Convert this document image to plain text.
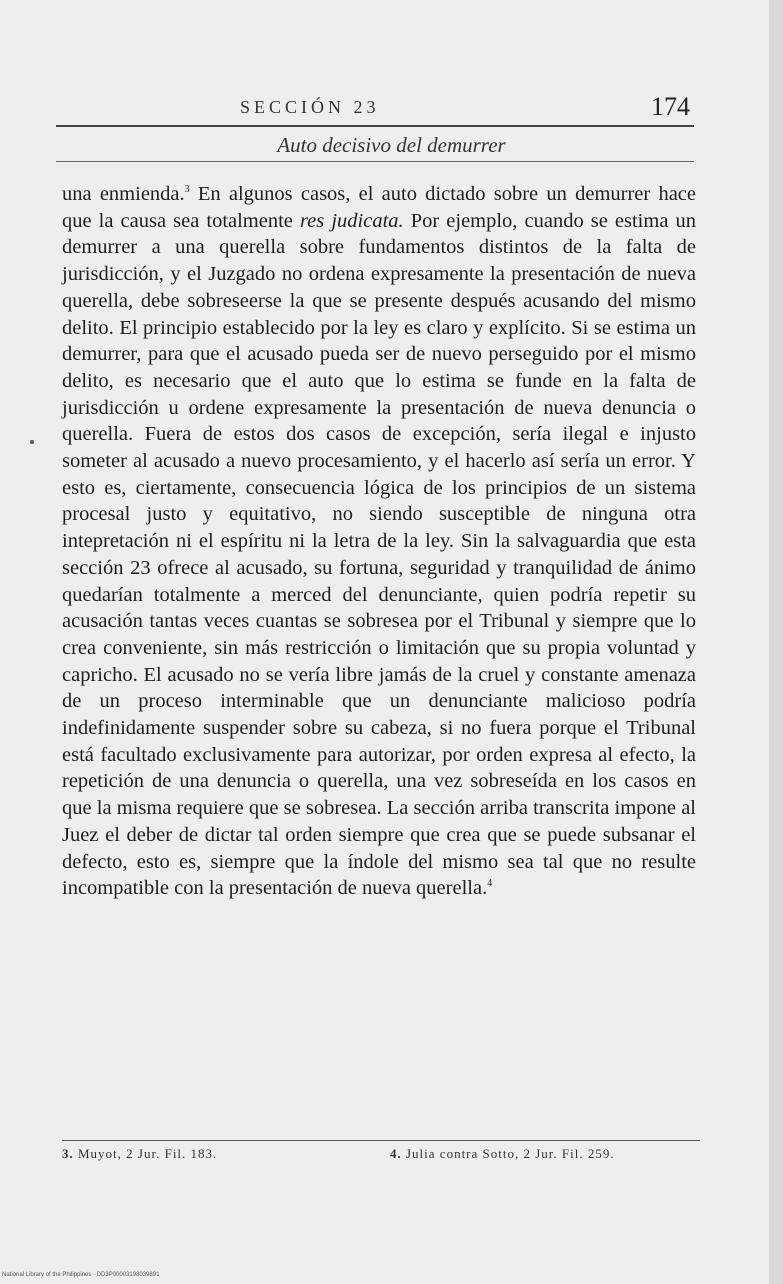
SECCIÓN 23	174
Auto decisivo del demurrer

una enmienda.$^3$ En algunos casos, el auto dictado sobre un demurrer hace que la causa sea totalmente res judicata. Por ejemplo, cuando se estima un demurrer a una querella sobre fundamentos distintos de la falta de jurisdicción, y el Juzgado no ordena expresamente la presentación de nueva querella, debe sobreseerse la que se presente después acusando del mismo delito. El principio establecido por la ley es claro y explícito. Si se estima un demurrer, para que el acusado pueda ser de nuevo perseguido por el mismo delito, es necesario que el auto que lo estima se funde en la falta de jurisdicción u ordene expresamente la presentación de nueva denuncia o querella. Fuera de estos dos casos de excepción, sería ilegal e injusto someter al acusado a nuevo procesamiento, y el hacerlo así sería un error. Y esto es, ciertamente, consecuencia lógica de los principios de un sistema procesal justo y equitativo, no siendo susceptible de ninguna otra intepretación ni el espíritu ni la letra de la ley. Sin la salvaguardia que esta sección 23 ofrece al acusado, su fortuna, seguridad y tranquilidad de ánimo quedarían totalmente a merced del denunciante, quien podría repetir su acusación tantas veces cuantas se sobresea por el Tribunal y siempre que lo crea conveniente, sin más restricción o limitación que su propia voluntad y capricho. El acusado no se vería libre jamás de la cruel y constante amenaza de un proceso interminable que un denunciante malicioso podría indefinidamente suspender sobre su cabeza, si no fuera porque el Tribunal está facultado exclusivamente para autorizar, por orden expresa al efecto, la repetición de una denuncia o querella, una vez sobreseída en los casos en que la misma requiere que se sobresea. La sección arriba transcrita impone al Juez el deber de dictar tal orden siempre que crea que se puede subsanar el defecto, esto es, siempre que la índole del mismo sea tal que no resulte incompatible con la presentación de nueva querella.$^4$

3. Muyot, 2 Jur. Fil. 183.	4. Julia contra Sotto, 2 Jur. Fil. 259.
National Library of the Philippines · DD3P00003198039891
